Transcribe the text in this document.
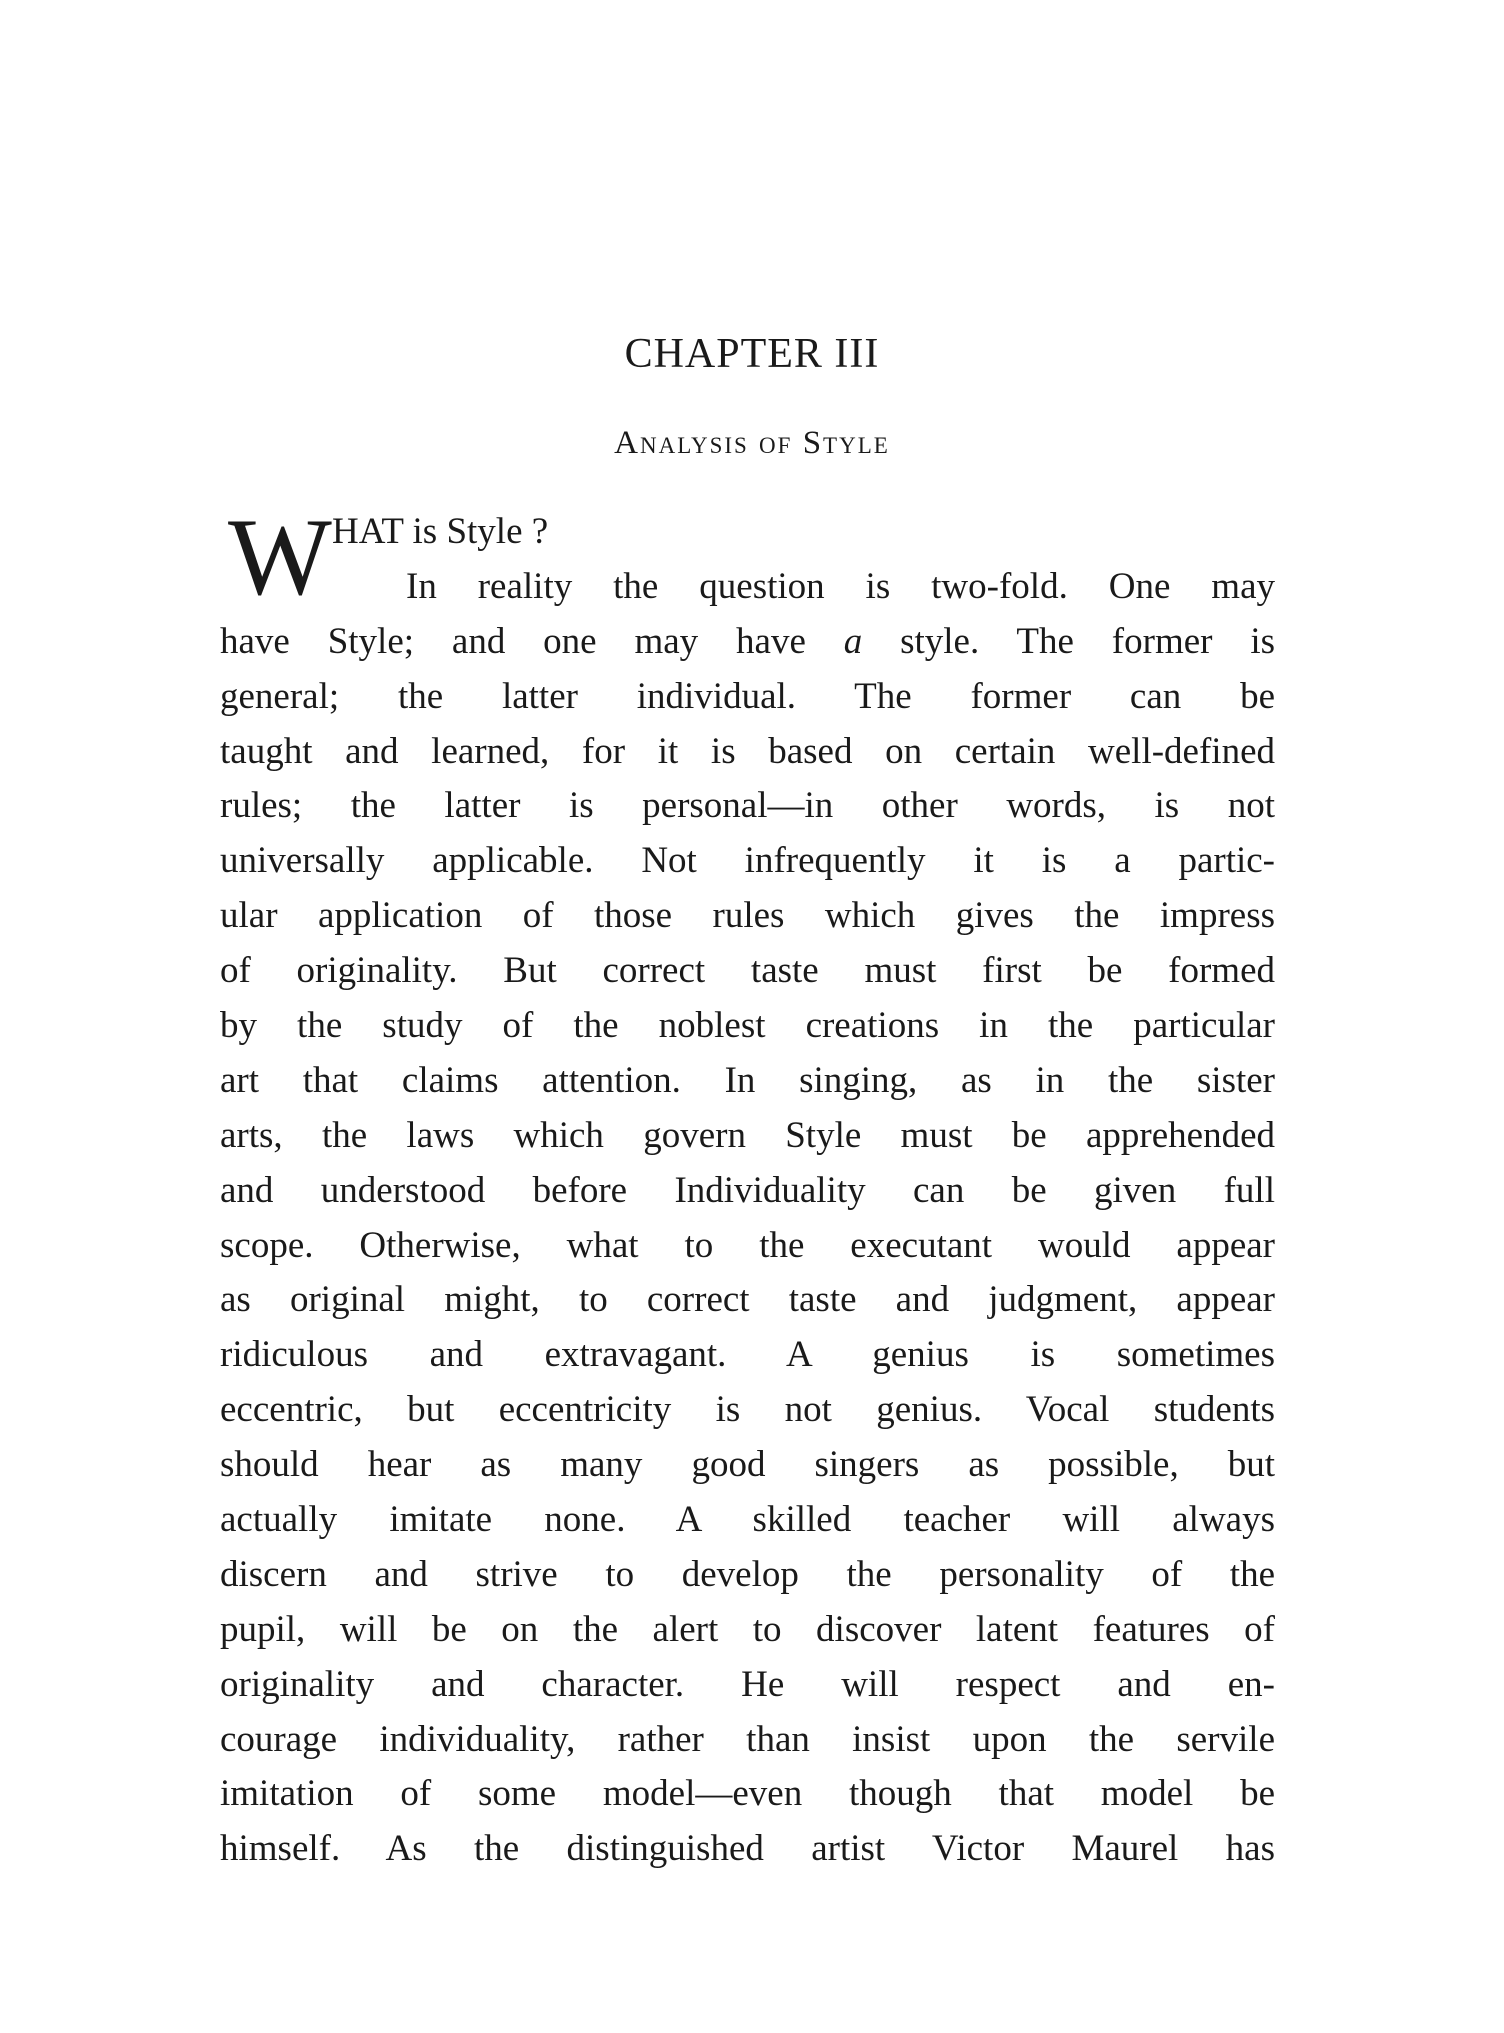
CHAPTER III
Analysis of Style
W HAT is Style ?
In reality the question is two-fold. One may
have Style; and one may have a style. The former is
general; the latter individual. The former can be
taught and learned, for it is based on certain well-defined
rules; the latter is personal—in other words, is not
universally applicable. Not infrequently it is a partic-
ular application of those rules which gives the impress
of originality. But correct taste must first be formed
by the study of the noblest creations in the particular
art that claims attention. In singing, as in the sister
arts, the laws which govern Style must be apprehended
and understood before Individuality can be given full
scope. Otherwise, what to the executant would appear
as original might, to correct taste and judgment, appear
ridiculous and extravagant. A genius is sometimes
eccentric, but eccentricity is not genius. Vocal students
should hear as many good singers as possible, but
actually imitate none. A skilled teacher will always
discern and strive to develop the personality of the
pupil, will be on the alert to discover latent features of
originality and character. He will respect and en-
courage individuality, rather than insist upon the servile
imitation of some model—even though that model be
himself. As the distinguished artist Victor Maurel has
